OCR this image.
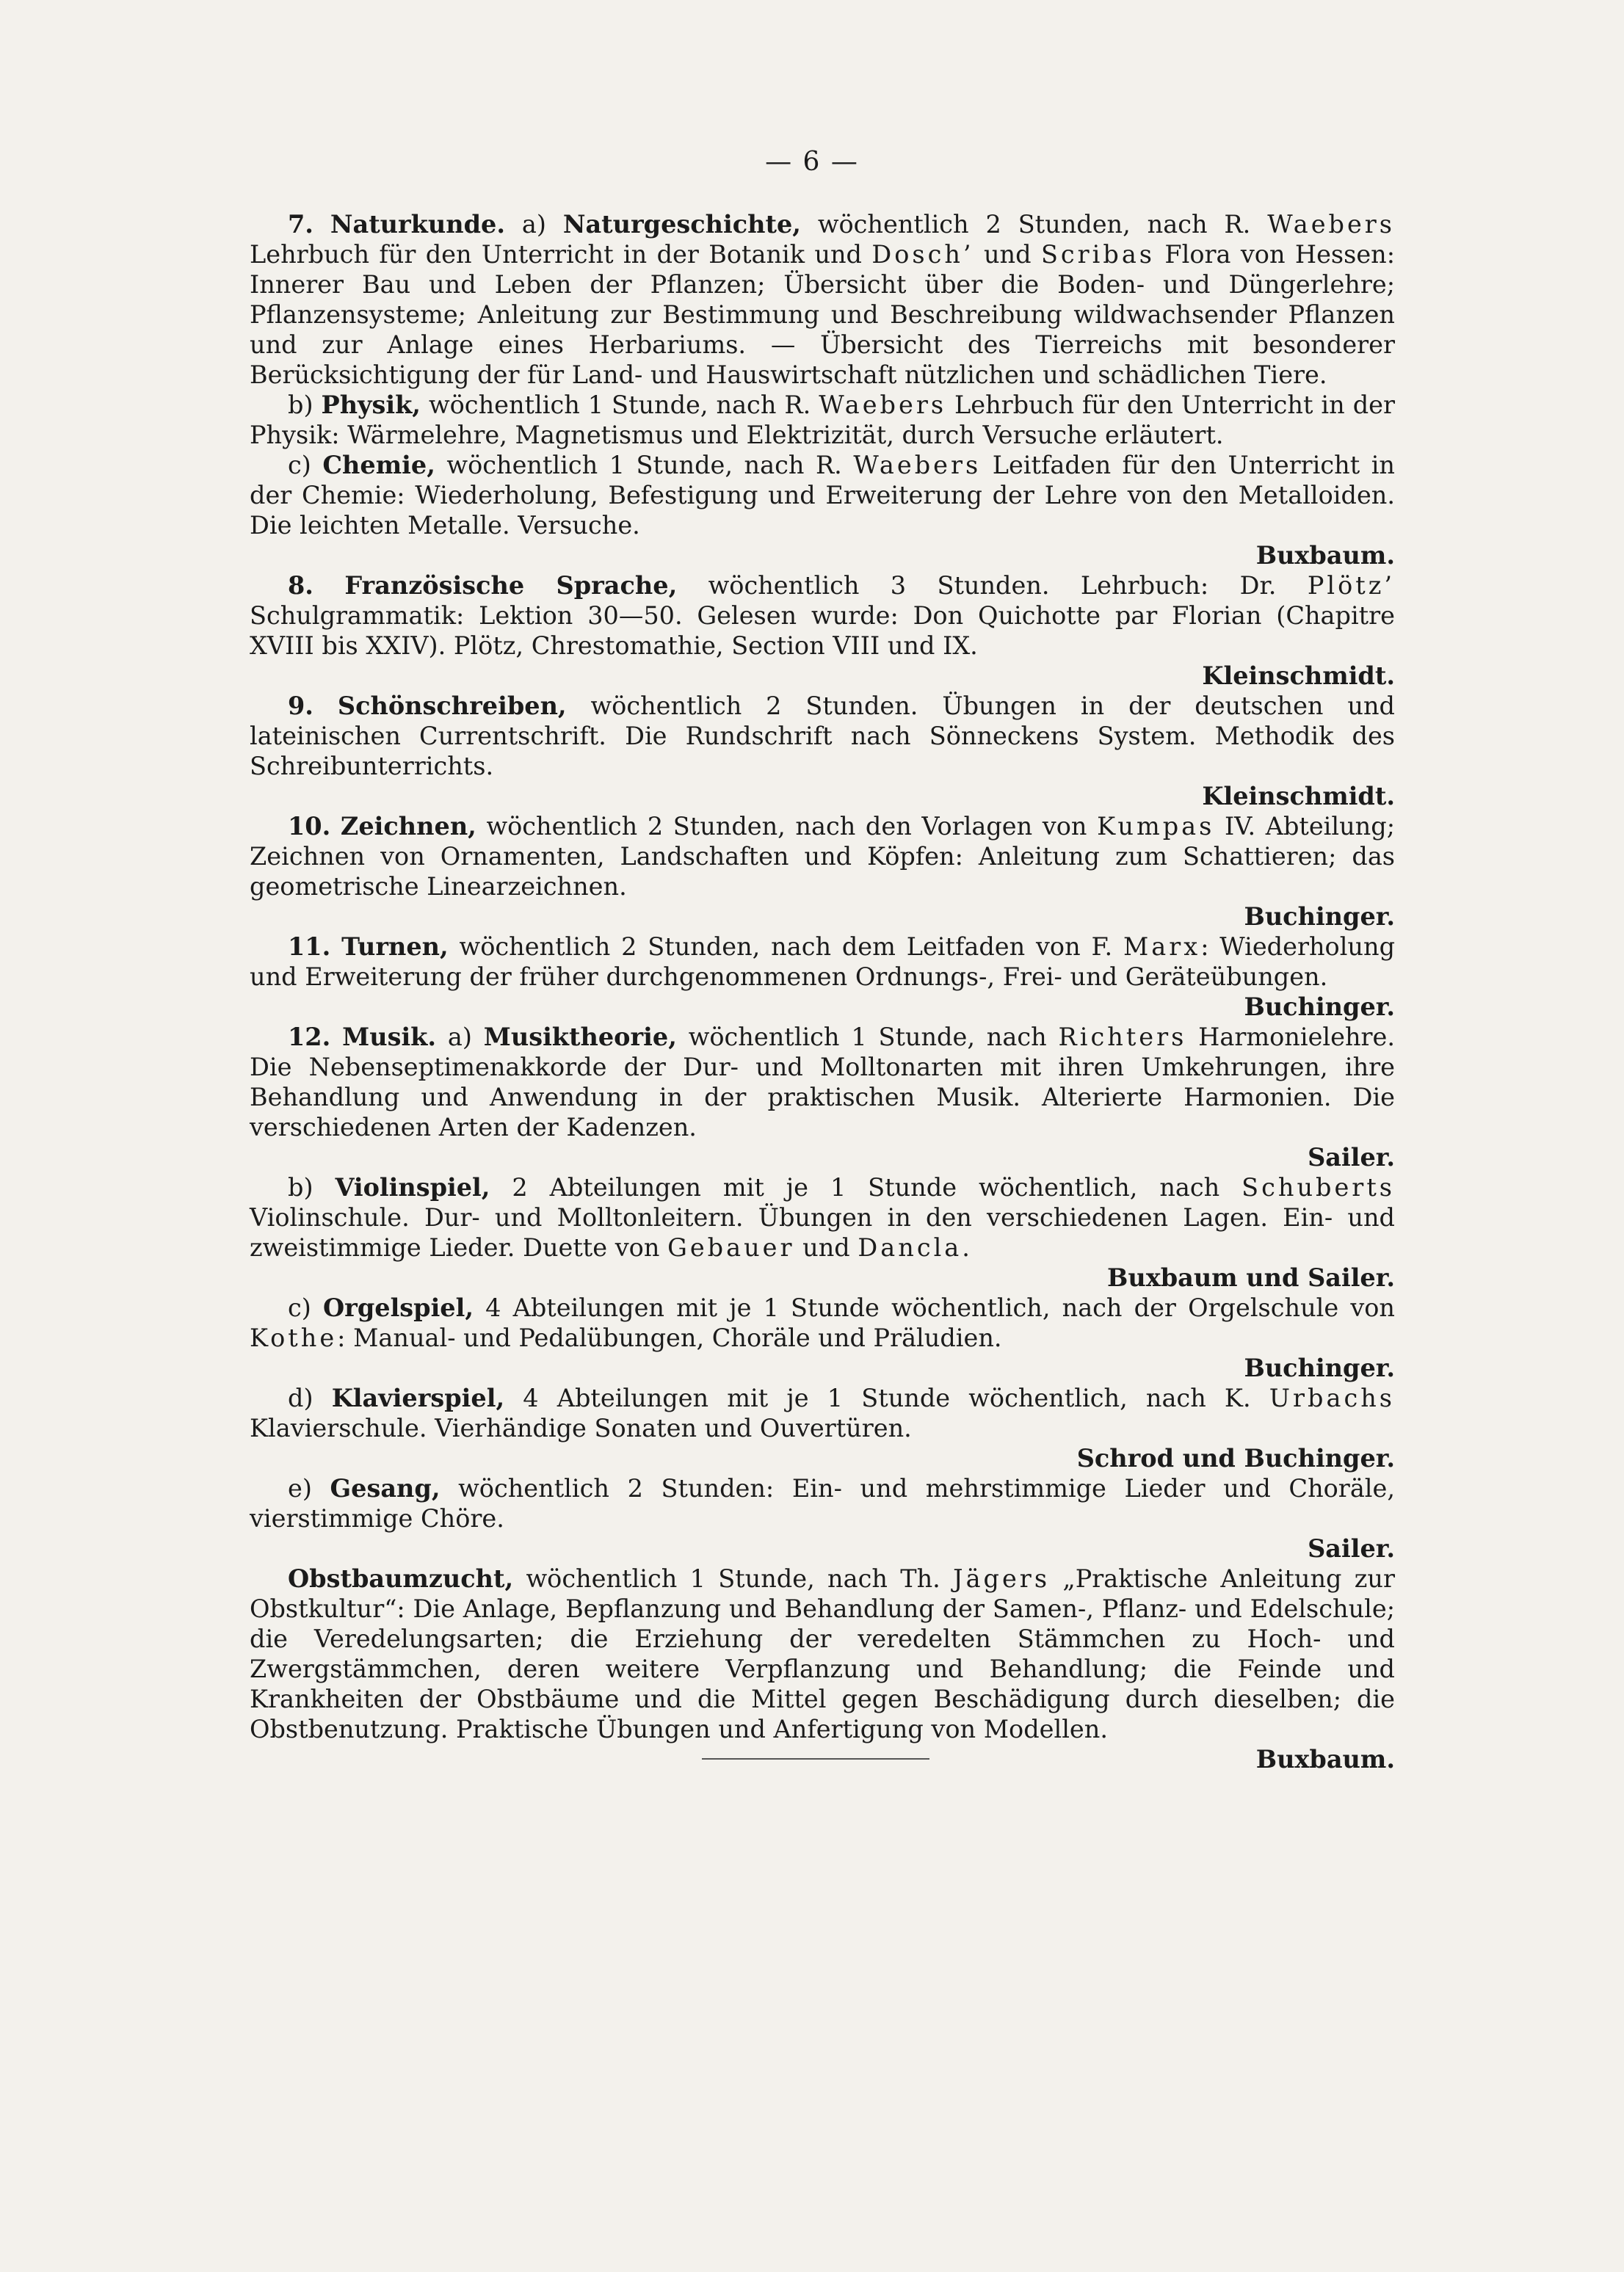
— 6 —

7. Naturkunde. a) Naturgeschichte, wöchentlich 2 Stunden, nach R. Waebers Lehrbuch für den Unterricht in der Botanik und Dosch’ und Scribas Flora von Hessen: Innerer Bau und Leben der Pflanzen; Übersicht über die Boden- und Düngerlehre; Pflanzensysteme; Anleitung zur Bestimmung und Beschreibung wildwachsender Pflanzen und zur Anlage eines Herbariums. — Übersicht des Tierreichs mit besonderer Berücksichtigung der für Land- und Hauswirtschaft nützlichen und schädlichen Tiere.

b) Physik, wöchentlich 1 Stunde, nach R. Waebers Lehrbuch für den Unterricht in der Physik: Wärmelehre, Magnetismus und Elektrizität, durch Versuche erläutert.

c) Chemie, wöchentlich 1 Stunde, nach R. Waebers Leitfaden für den Unterricht in der Chemie: Wiederholung, Befestigung und Erweiterung der Lehre von den Metalloiden. Die leichten Metalle. Versuche.

Buxbaum.

8. Französische Sprache, wöchentlich 3 Stunden. Lehrbuch: Dr. Plötz’ Schulgrammatik: Lektion 30—50. Gelesen wurde: Don Quichotte par Florian (Chapitre XVIII bis XXIV). Plötz, Chrestomathie, Section VIII und IX.

Kleinschmidt.

9. Schönschreiben, wöchentlich 2 Stunden. Übungen in der deutschen und lateinischen Currentschrift. Die Rundschrift nach Sönneckens System. Methodik des Schreibunterrichts.

Kleinschmidt.

10. Zeichnen, wöchentlich 2 Stunden, nach den Vorlagen von Kumpas IV. Abteilung; Zeichnen von Ornamenten, Landschaften und Köpfen: Anleitung zum Schattieren; das geometrische Linearzeichnen.

Buchinger.

11. Turnen, wöchentlich 2 Stunden, nach dem Leitfaden von F. Marx: Wiederholung und Erweiterung der früher durchgenommenen Ordnungs-, Frei- und Geräteübungen.

Buchinger.

12. Musik. a) Musiktheorie, wöchentlich 1 Stunde, nach Richters Harmonielehre. Die Nebenseptimenakkorde der Dur- und Molltonarten mit ihren Umkehrungen, ihre Behandlung und Anwendung in der praktischen Musik. Alterierte Harmonien. Die verschiedenen Arten der Kadenzen.

Sailer.

b) Violinspiel, 2 Abteilungen mit je 1 Stunde wöchentlich, nach Schuberts Violinschule. Dur- und Molltonleitern. Übungen in den verschiedenen Lagen. Ein- und zweistimmige Lieder. Duette von Gebauer und Dancla.

Buxbaum und Sailer.

c) Orgelspiel, 4 Abteilungen mit je 1 Stunde wöchentlich, nach der Orgelschule von Kothe: Manual- und Pedalübungen, Choräle und Präludien.

Buchinger.

d) Klavierspiel, 4 Abteilungen mit je 1 Stunde wöchentlich, nach K. Urbachs Klavierschule. Vierhändige Sonaten und Ouvertüren.

Schrod und Buchinger.

e) Gesang, wöchentlich 2 Stunden: Ein- und mehrstimmige Lieder und Choräle, vierstimmige Chöre.

Sailer.

Obstbaumzucht, wöchentlich 1 Stunde, nach Th. Jägers „Praktische Anleitung zur Obstkultur“: Die Anlage, Bepflanzung und Behandlung der Samen-, Pflanz- und Edelschule; die Veredelungsarten; die Erziehung der veredelten Stämmchen zu Hoch- und Zwergstämmchen, deren weitere Verpflanzung und Behandlung; die Feinde und Krankheiten der Obstbäume und die Mittel gegen Beschädigung durch dieselben; die Obstbenutzung. Praktische Übungen und Anfertigung von Modellen.

Buxbaum.
